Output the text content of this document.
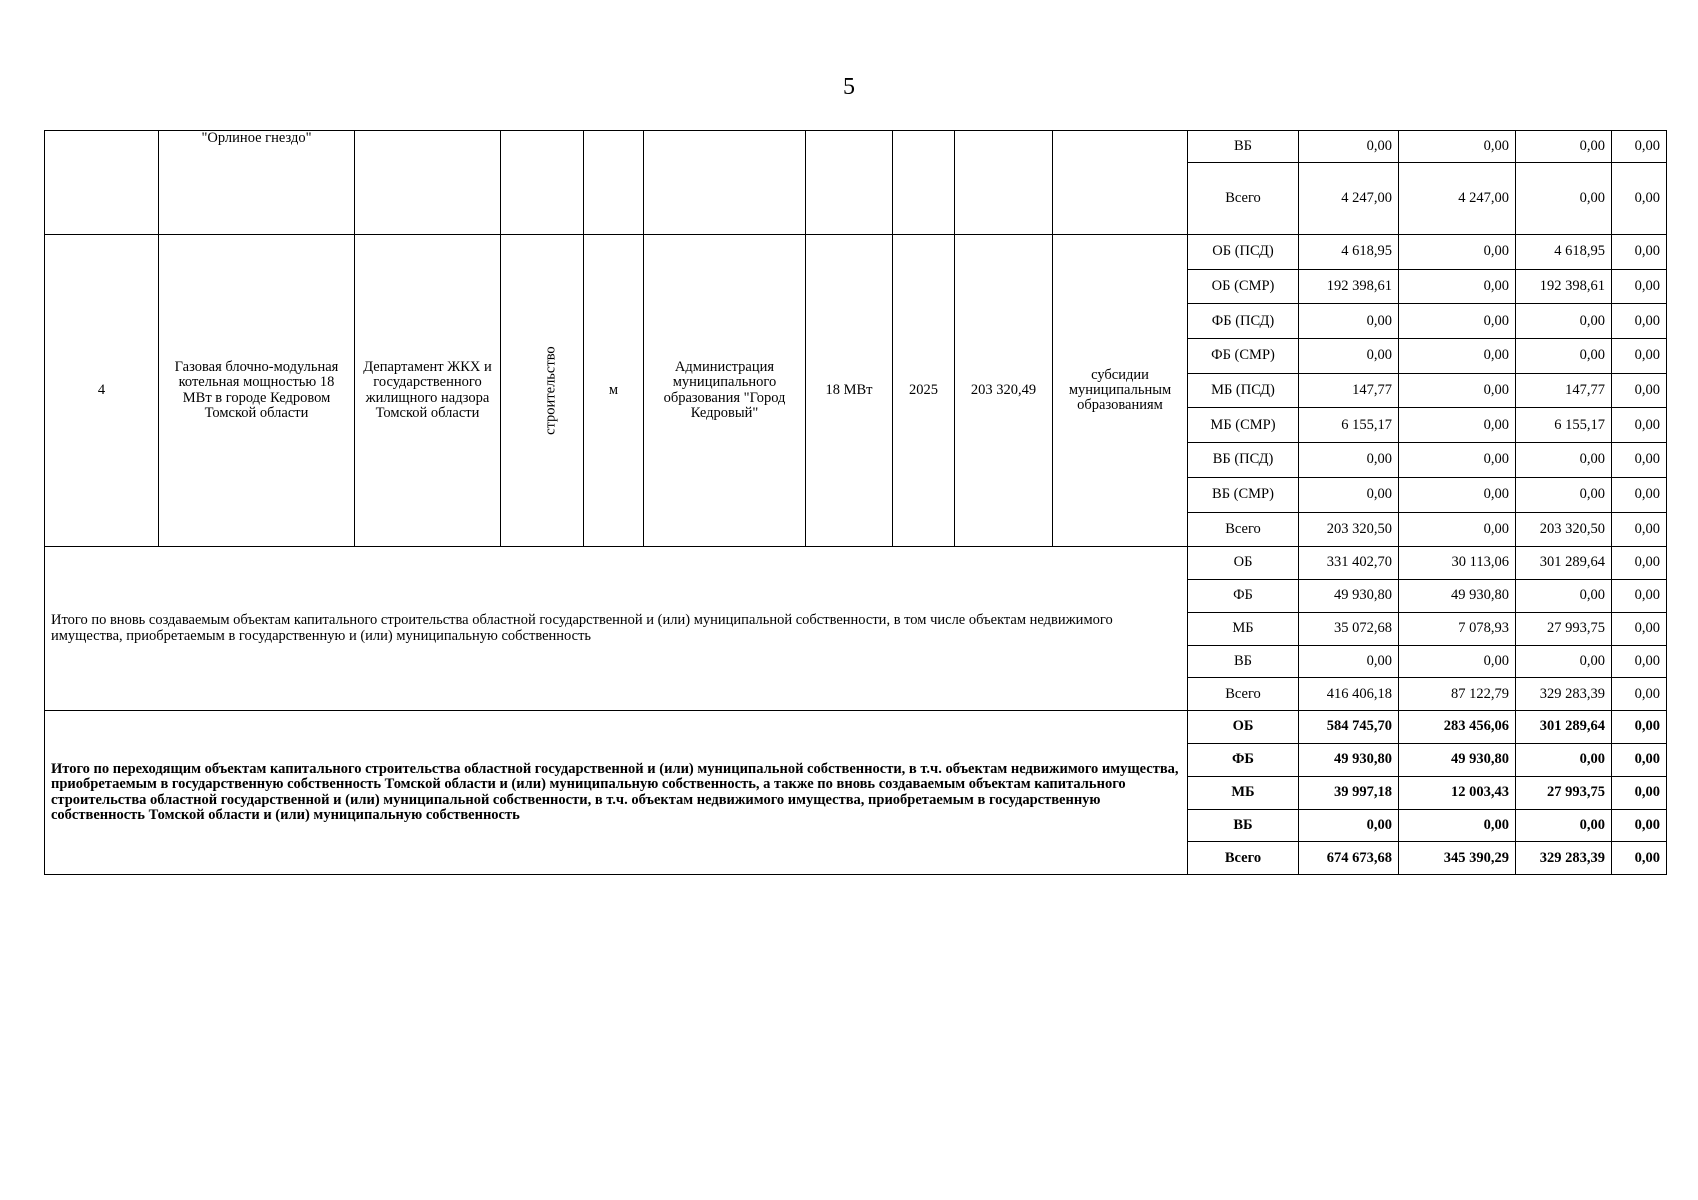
5
	"Орлиное гнездо"									ВБ	0,00	0,00	0,00	0,00
										Всего	4 247,00	4 247,00	0,00	0,00
4	Газовая блочно-модульная котельная мощностью 18 МВт в городе Кедровом Томской области	Департамент ЖКХ и государственного жилищного надзора Томской области	строительство	м	Администрация муниципального образования "Город Кедровый"	18 МВт	2025	203 320,49	субсидии муниципальным образованиям	ОБ (ПСД)	4 618,95	0,00	4 618,95	0,00
										ОБ (СМР)	192 398,61	0,00	192 398,61	0,00
										ФБ (ПСД)	0,00	0,00	0,00	0,00
										ФБ (СМР)	0,00	0,00	0,00	0,00
										МБ (ПСД)	147,77	0,00	147,77	0,00
										МБ (СМР)	6 155,17	0,00	6 155,17	0,00
										ВБ (ПСД)	0,00	0,00	0,00	0,00
										ВБ (СМР)	0,00	0,00	0,00	0,00
										Всего	203 320,50	0,00	203 320,50	0,00
Итого по вновь создаваемым объектам капитального строительства областной государственной и (или) муниципальной собственности, в том числе объектам недвижимого имущества, приобретаемым в государственную и (или) муниципальную собственность										ОБ	331 402,70	30 113,06	301 289,64	0,00
										ФБ	49 930,80	49 930,80	0,00	0,00
										МБ	35 072,68	7 078,93	27 993,75	0,00
										ВБ	0,00	0,00	0,00	0,00
										Всего	416 406,18	87 122,79	329 283,39	0,00
Итого по переходящим объектам капитального строительства областной государственной и (или) муниципальной собственности, в т.ч. объектам недвижимого имущества, приобретаемым в государственную собственность Томской области и (или) муниципальную собственность, а также по вновь создаваемым объектам капитального строительства областной государственной и (или) муниципальной собственности, в т.ч. объектам недвижимого имущества, приобретаемым в государственную собственность Томской области и (или) муниципальную собственность										ОБ	584 745,70	283 456,06	301 289,64	0,00
										ФБ	49 930,80	49 930,80	0,00	0,00
										МБ	39 997,18	12 003,43	27 993,75	0,00
										ВБ	0,00	0,00	0,00	0,00
										Всего	674 673,68	345 390,29	329 283,39	0,00
